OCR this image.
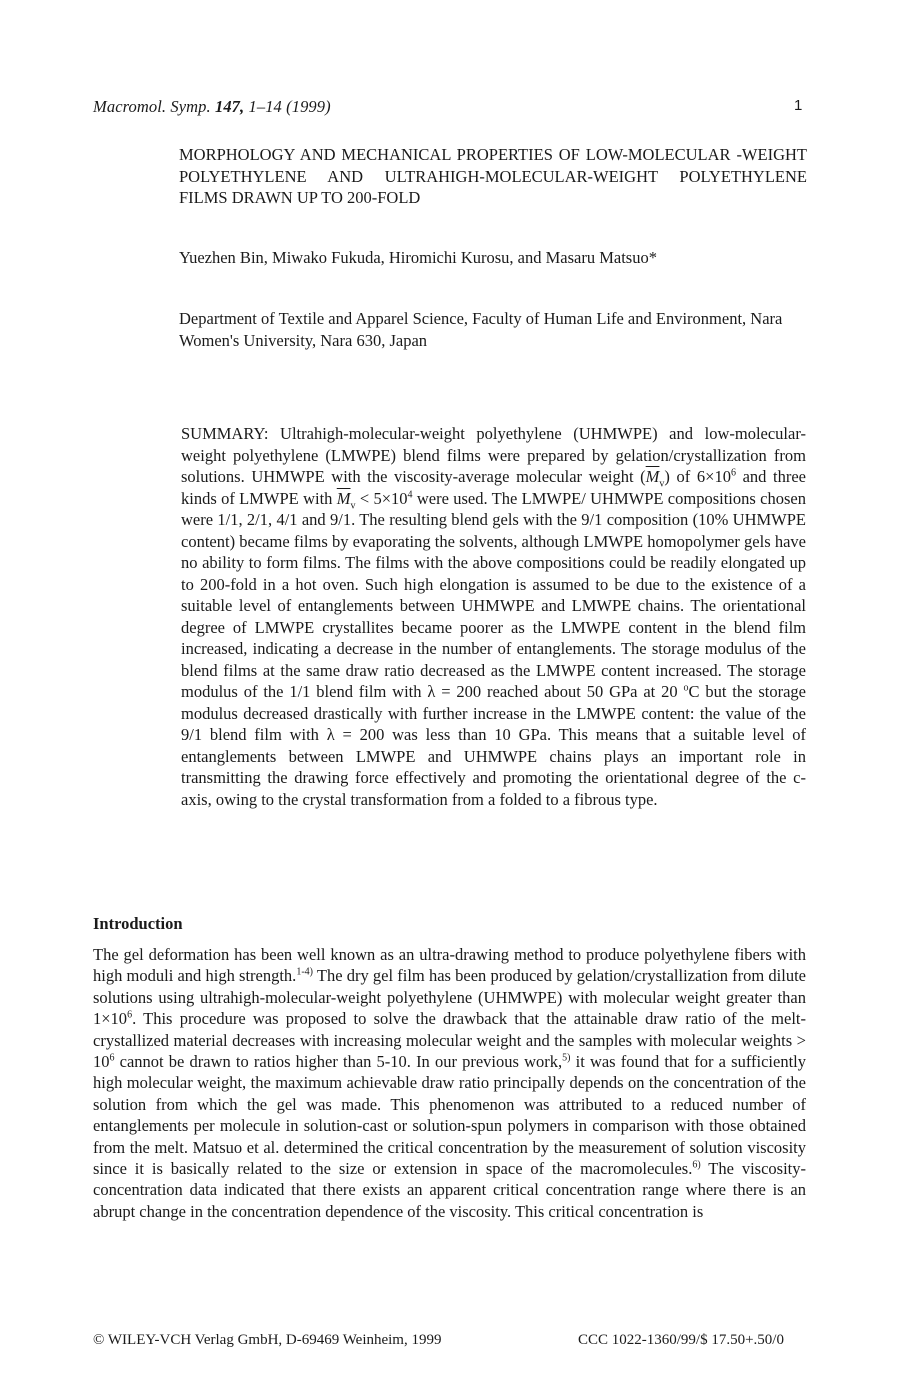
Macromol. Symp. 147, 1–14 (1999)	1
MORPHOLOGY AND MECHANICAL PROPERTIES OF LOW-MOLECULAR -WEIGHT POLYETHYLENE AND ULTRAHIGH-MOLECULAR-WEIGHT POLYETHYLENE FILMS DRAWN UP TO 200-FOLD
Yuezhen Bin, Miwako Fukuda, Hiromichi Kurosu, and Masaru Matsuo*
Department of Textile and Apparel Science, Faculty of Human Life and Environment, Nara Women's University, Nara 630, Japan
SUMMARY: Ultrahigh-molecular-weight polyethylene (UHMWPE) and low-molecular-weight polyethylene (LMWPE) blend films were prepared by gelation/crystallization from solutions. UHMWPE with the viscosity-average molecular weight $(\overline{M}_v)$ of $6\times 10^6$ and three kinds of LMWPE with $\overline{M}_v < 5\times 10^4$ were used. The LMWPE/ UHMWPE compositions chosen were 1/1, 2/1, 4/1 and 9/1. The resulting blend gels with the 9/1 composition (10% UHMWPE content) became films by evaporating the solvents, although LMWPE homopolymer gels have no ability to form films. The films with the above compositions could be readily elongated up to 200-fold in a hot oven. Such high elongation is assumed to be due to the existence of a suitable level of entanglements between UHMWPE and LMWPE chains. The orientational degree of LMWPE crystallites became poorer as the LMWPE content in the blend film increased, indicating a decrease in the number of entanglements. The storage modulus of the blend films at the same draw ratio decreased as the LMWPE content increased. The storage modulus of the 1/1 blend film with λ = 200 reached about 50 GPa at 20 $^o$C but the storage modulus decreased drastically with further increase in the LMWPE content: the value of the 9/1 blend film with λ = 200 was less than 10 GPa. This means that a suitable level of entanglements between LMWPE and UHMWPE chains plays an important role in transmitting the drawing force effectively and promoting the orientational degree of the c-axis, owing to the crystal transformation from a folded to a fibrous type.
Introduction
The gel deformation has been well known as an ultra-drawing method to produce polyethylene fibers with high moduli and high strength.$^{1-4)}$ The dry gel film has been produced by gelation/crystallization from dilute solutions using ultrahigh-molecular-weight polyethylene (UHMWPE) with molecular weight greater than $1\times 10^6$. This procedure was proposed to solve the drawback that the attainable draw ratio of the melt-crystallized material decreases with increasing molecular weight and the samples with molecular weights > $10^6$ cannot be drawn to ratios higher than 5-10. In our previous work,$^{5)}$ it was found that for a sufficiently high molecular weight, the maximum achievable draw ratio principally depends on the concentration of the solution from which the gel was made. This phenomenon was attributed to a reduced number of entanglements per molecule in solution-cast or solution-spun polymers in comparison with those obtained from the melt. Matsuo et al. determined the critical concentration by the measurement of solution viscosity since it is basically related to the size or extension in space of the macromolecules.$^{6)}$ The viscosity-concentration data indicated that there exists an apparent critical concentration range where there is an abrupt change in the concentration dependence of the viscosity. This critical concentration is
© WILEY-VCH Verlag GmbH, D-69469 Weinheim, 1999	CCC 1022-1360/99/$ 17.50+.50/0
